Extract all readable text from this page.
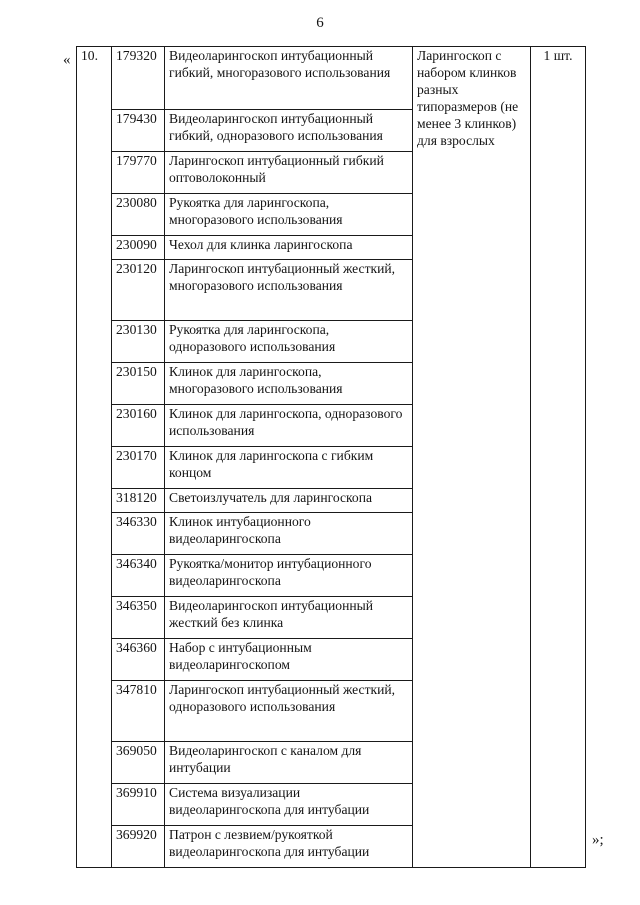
6
« 10.	179320	Видеоларингоскоп интубационный гибкий, многоразового использования	Ларингоскоп с набором клинков разных типоразмеров (не менее 3 клинков) для взрослых	1 шт.
	179430	Видеоларингоскоп интубационный гибкий, одноразового использования		
	179770	Ларингоскоп интубационный гибкий оптоволоконный		
	230080	Рукоятка для ларингоскопа, многоразового использования		
	230090	Чехол для клинка ларингоскопа		
	230120	Ларингоскоп интубационный жесткий, многоразового использования		
	230130	Рукоятка для ларингоскопа, одноразового использования		
	230150	Клинок для ларингоскопа, многоразового использования		
	230160	Клинок для ларингоскопа, одноразового использования		
	230170	Клинок для ларингоскопа с гибким концом		
	318120	Светоизлучатель для ларингоскопа		
	346330	Клинок интубационного видеоларингоскопа		
	346340	Рукоятка/монитор интубационного видеоларингоскопа		
	346350	Видеоларингоскоп интубационный жесткий без клинка		
	346360	Набор с интубационным видеоларингоскопом		
	347810	Ларингоскоп интубационный жесткий, одноразового использования		
	369050	Видеоларингоскоп с каналом для интубации		
	369910	Система визуализации видеоларингоскопа для интубации		
	369920	Патрон с лезвием/рукояткой видеоларингоскопа для интубации		
»;
